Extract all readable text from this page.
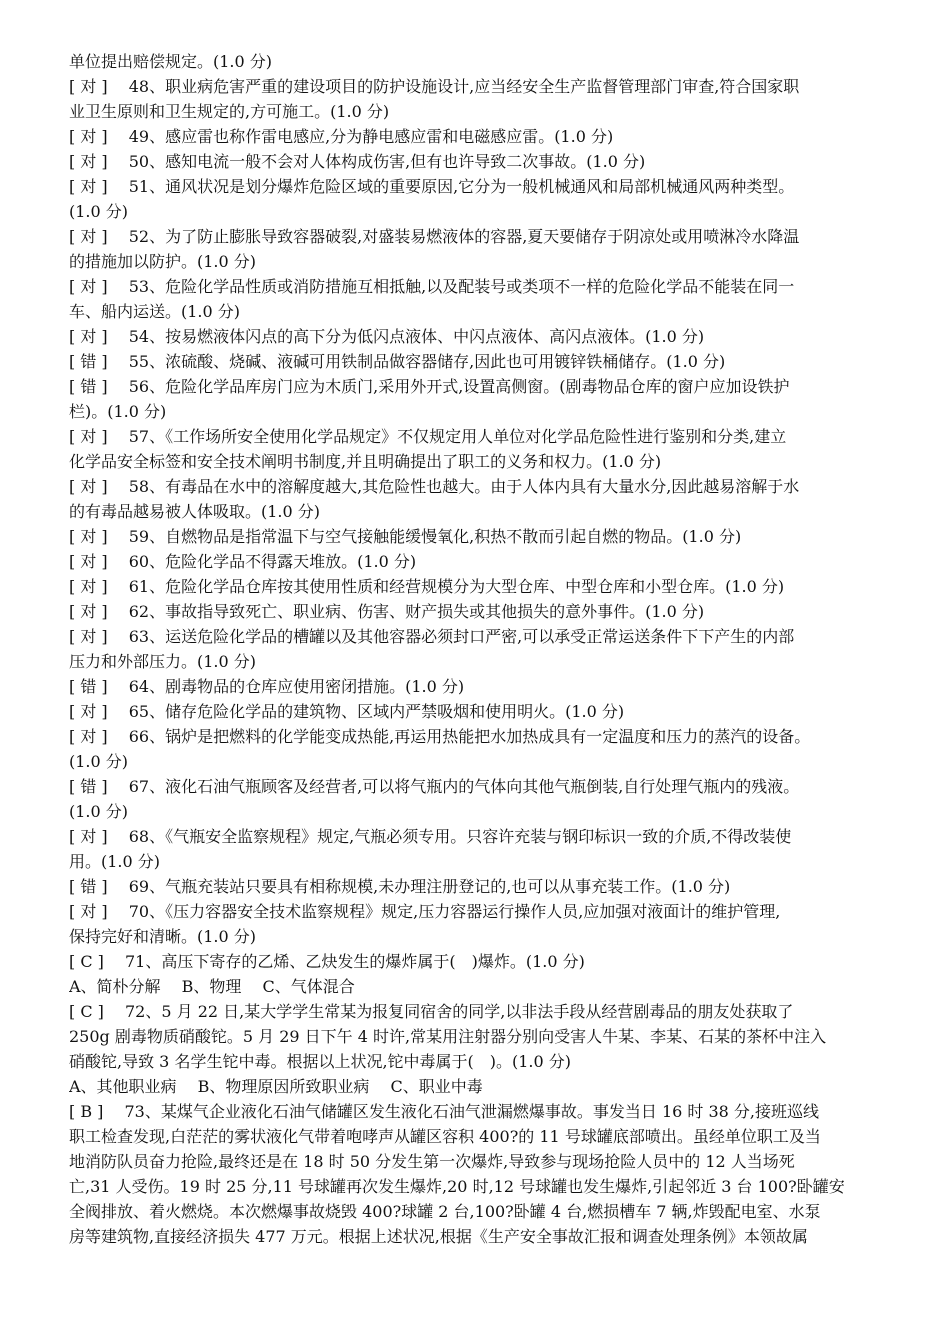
单位提出赔偿规定。(1.0 分)
[ 对 ]　 48、职业病危害严重的建设项目的防护设施设计,应当经安全生产监督管理部门审查,符合国家职
业卫生原则和卫生规定的,方可施工。(1.0 分)
[ 对 ]　 49、感应雷也称作雷电感应,分为静电感应雷和电磁感应雷。(1.0 分)
[ 对 ]　 50、感知电流一般不会对人体构成伤害,但有也许导致二次事故。(1.0 分)
[ 对 ]　 51、通风状况是划分爆炸危险区域的重要原因,它分为一般机械通风和局部机械通风两种类型。
(1.0 分)
[ 对 ]　 52、为了防止膨胀导致容器破裂,对盛装易燃液体的容器,夏天要储存于阴凉处或用喷淋冷水降温
的措施加以防护。(1.0 分)
[ 对 ]　 53、危险化学品性质或消防措施互相抵触,以及配装号或类项不一样的危险化学品不能装在同一
车、船内运送。(1.0 分)
[ 对 ]　 54、按易燃液体闪点的高下分为低闪点液体、中闪点液体、高闪点液体。(1.0 分)
[ 错 ]　 55、浓硫酸、烧碱、液碱可用铁制品做容器储存,因此也可用镀锌铁桶储存。(1.0 分)
[ 错 ]　 56、危险化学品库房门应为木质门,采用外开式,设置高侧窗。(剧毒物品仓库的窗户应加设铁护
栏)。(1.0 分)
[ 对 ]　 57、《工作场所安全使用化学品规定》不仅规定用人单位对化学品危险性进行鉴别和分类,建立
化学品安全标签和安全技术阐明书制度,并且明确提出了职工的义务和权力。(1.0 分)
[ 对 ]　 58、有毒品在水中的溶解度越大,其危险性也越大。由于人体内具有大量水分,因此越易溶解于水
的有毒品越易被人体吸取。(1.0 分)
[ 对 ]　 59、自燃物品是指常温下与空气接触能缓慢氧化,积热不散而引起自燃的物品。(1.0 分)
[ 对 ]　 60、危险化学品不得露天堆放。(1.0 分)
[ 对 ]　 61、危险化学品仓库按其使用性质和经营规模分为大型仓库、中型仓库和小型仓库。(1.0 分)
[ 对 ]　 62、事故指导致死亡、职业病、伤害、财产损失或其他损失的意外事件。(1.0 分)
[ 对 ]　 63、运送危险化学品的槽罐以及其他容器必须封口严密,可以承受正常运送条件下下产生的内部
压力和外部压力。(1.0 分)
[ 错 ]　 64、剧毒物品的仓库应使用密闭措施。(1.0 分)
[ 对 ]　 65、储存危险化学品的建筑物、区域内严禁吸烟和使用明火。(1.0 分)
[ 对 ]　 66、锅炉是把燃料的化学能变成热能,再运用热能把水加热成具有一定温度和压力的蒸汽的设备。
(1.0 分)
[ 错 ]　 67、液化石油气瓶顾客及经营者,可以将气瓶内的气体向其他气瓶倒装,自行处理气瓶内的残液。
(1.0 分)
[ 对 ]　 68、《气瓶安全监察规程》规定,气瓶必须专用。只容许充装与钢印标识一致的介质,不得改装使
用。(1.0 分)
[ 错 ]　 69、气瓶充装站只要具有相称规模,未办理注册登记的,也可以从事充装工作。(1.0 分)
[ 对 ]　 70、《压力容器安全技术监察规程》规定,压力容器运行操作人员,应加强对液面计的维护管理,
保持完好和清晰。(1.0 分)
[ C ]　 71、高压下寄存的乙烯、乙炔发生的爆炸属于(　)爆炸。(1.0 分)
A、简朴分解　 B、物理　 C、气体混合
[ C ]　 72、5 月 22 日,某大学学生常某为报复同宿舍的同学,以非法手段从经营剧毒品的朋友处获取了
250g 剧毒物质硝酸铊。5 月 29 日下午 4 时许,常某用注射器分别向受害人牛某、李某、石某的茶杯中注入
硝酸铊,导致 3 名学生铊中毒。根据以上状况,铊中毒属于(　)。(1.0 分)
A、其他职业病　 B、物理原因所致职业病　 C、职业中毒
[ B ]　 73、某煤气企业液化石油气储罐区发生液化石油气泄漏燃爆事故。事发当日 16 时 38 分,接班巡线
职工检查发现,白茫茫的雾状液化气带着咆哮声从罐区容积 400?的 11 号球罐底部喷出。虽经单位职工及当
地消防队员奋力抢险,最终还是在 18 时 50 分发生第一次爆炸,导致参与现场抢险人员中的 12 人当场死
亡,31 人受伤。19 时 25 分,11 号球罐再次发生爆炸,20 时,12 号球罐也发生爆炸,引起邻近 3 台 100?卧罐安
全阀排放、着火燃烧。本次燃爆事故烧毁 400?球罐 2 台,100?卧罐 4 台,燃损槽车 7 辆,炸毁配电室、水泵
房等建筑物,直接经济损失 477 万元。根据上述状况,根据《生产安全事故汇报和调查处理条例》本领故属
